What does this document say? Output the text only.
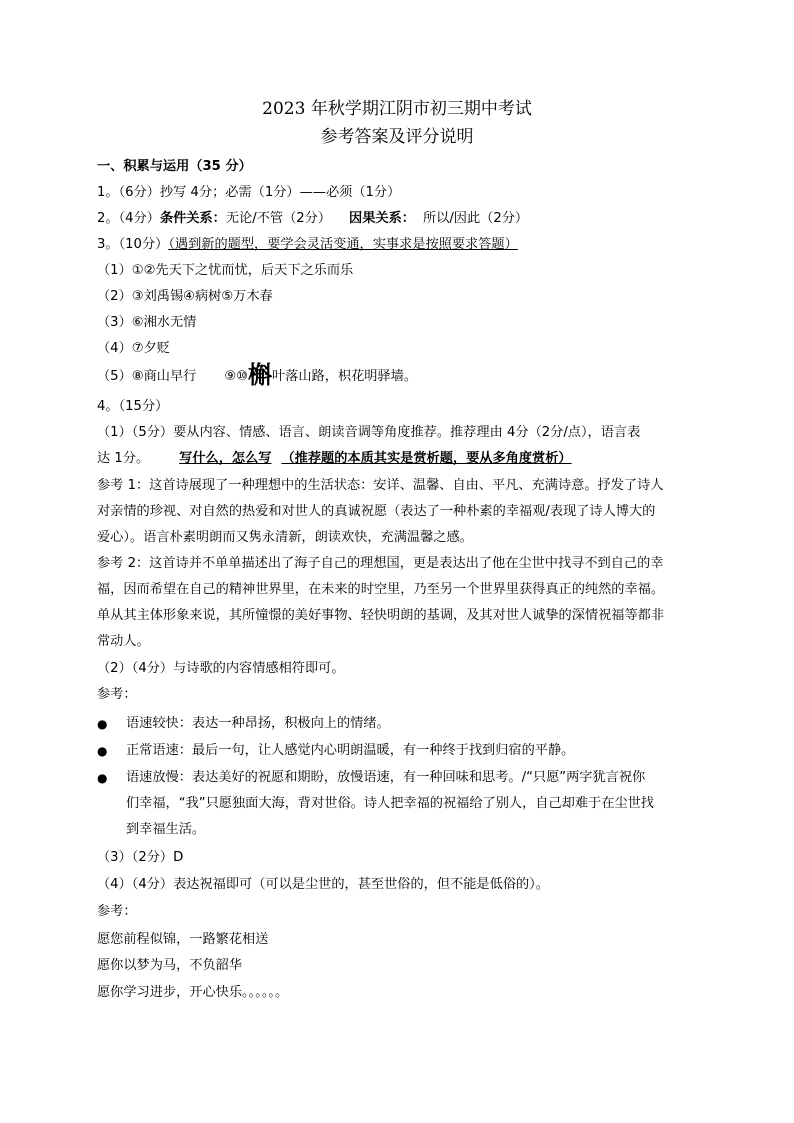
2023 年秋学期江阴市初三期中考试
参考答案及评分说明
一、积累与运用（35 分）
1。（6分）抄写 4分；必需（1分）——必须（1分）
2。（4分）条件关系：无论/不管（2分） 因果关系： 所以/因此（2分）
3。（10分）（遇到新的题型，要学会灵活变通，实事求是按照要求答题）
（1）①②先天下之忧而忧，后天下之乐而乐
（2）③刘禹锡④病树⑤万木春
（3）⑥湘水无情
（4）⑦夕贬
（5）⑧商山早行 ⑨⑩槲叶落山路，枳花明驿墙。
4。（15分）
（1）（5分）要从内容、情感、语言、朗读音调等角度推荐。推荐理由 4分（2分/点），语言表
达 1分。 写什么，怎么写 （推荐题的本质其实是赏析题，要从多角度赏析）
参考 1：这首诗展现了一种理想中的生活状态：安详、温馨、自由、平凡、充满诗意。抒发了诗人
对亲情的珍视、对自然的热爱和对世人的真诚祝愿（表达了一种朴素的幸福观/表现了诗人博大的
爱心）。语言朴素明朗而又隽永清新，朗读欢快，充满温馨之感。
参考 2：这首诗并不单单描述出了海子自己的理想国，更是表达出了他在尘世中找寻不到自己的幸
福，因而希望在自己的精神世界里，在未来的时空里，乃至另一个世界里获得真正的纯然的幸福。
单从其主体形象来说，其所憧憬的美好事物、轻快明朗的基调，及其对世人诚挚的深情祝福等都非
常动人。
（2）（4分）与诗歌的内容情感相符即可。
参考：
● 语速较快：表达一种昂扬，积极向上的情绪。
● 正常语速：最后一句，让人感觉内心明朗温暖，有一种终于找到归宿的平静。
● 语速放慢：表达美好的祝愿和期盼，放慢语速，有一种回味和思考。/“只愿”两字犹言祝你
们幸福，“我”只愿独面大海，背对世俗。诗人把幸福的祝福给了别人，自己却难于在尘世找
到幸福生活。
（3）（2分）D
（4）（4分）表达祝福即可（可以是尘世的，甚至世俗的，但不能是低俗的）。
参考：
愿您前程似锦，一路繁花相送
愿你以梦为马，不负韶华
愿你学习进步，开心快乐。。。。。。
